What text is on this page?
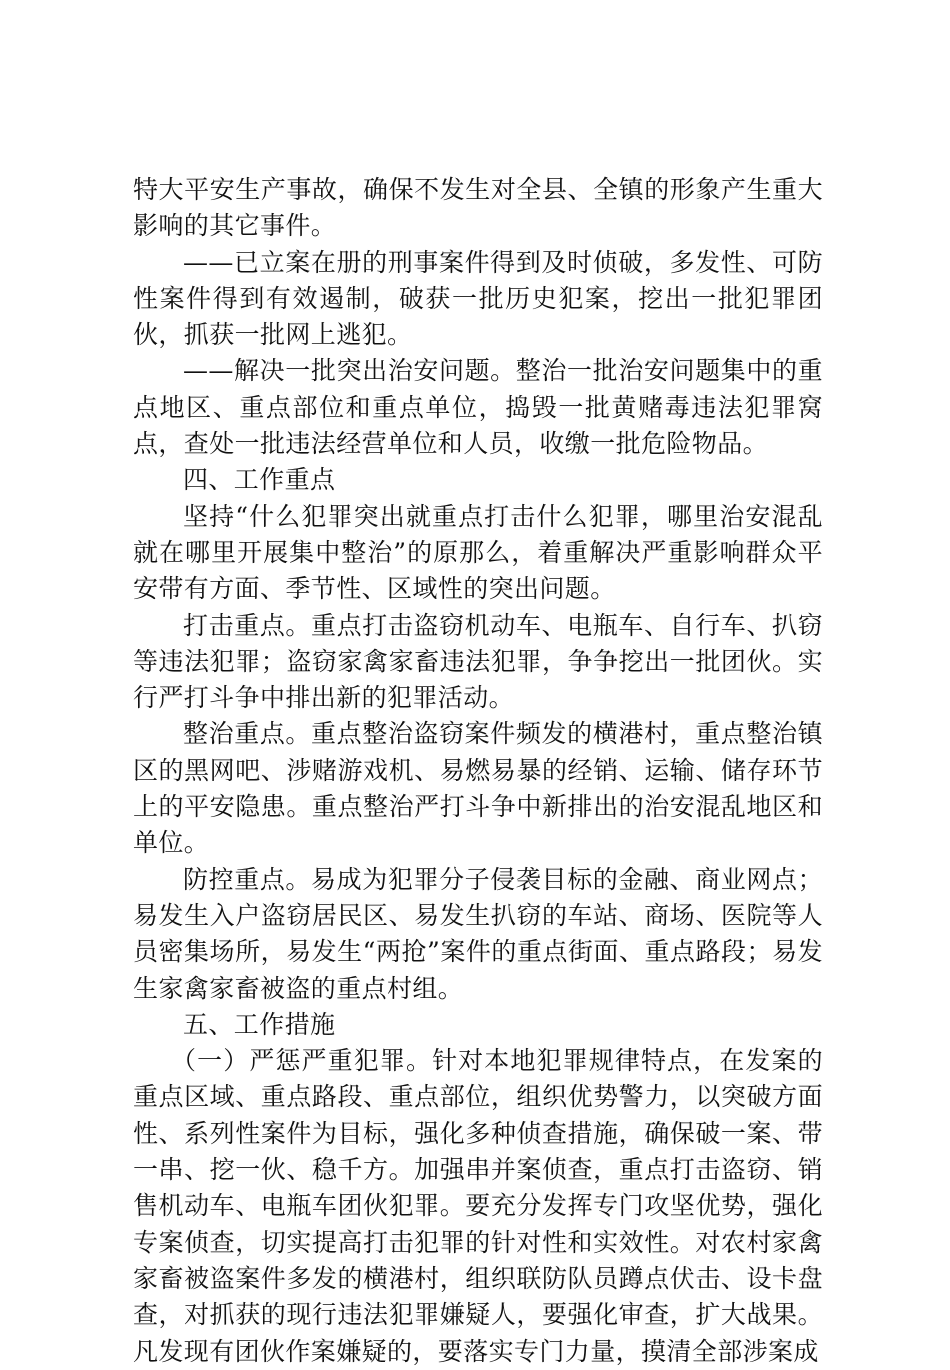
特大平安生产事故，确保不发生对全县、全镇的形象产生重大影响的其它事件。

——已立案在册的刑事案件得到及时侦破，多发性、可防性案件得到有效遏制，破获一批历史犯案，挖出一批犯罪团伙，抓获一批网上逃犯。

——解决一批突出治安问题。整治一批治安问题集中的重点地区、重点部位和重点单位，捣毁一批黄赌毒违法犯罪窝点，查处一批违法经营单位和人员，收缴一批危险物品。

四、工作重点

坚持“什么犯罪突出就重点打击什么犯罪，哪里治安混乱就在哪里开展集中整治”的原那么，着重解决严重影响群众平安带有方面、季节性、区域性的突出问题。

打击重点。重点打击盗窃机动车、电瓶车、自行车、扒窃等违法犯罪；盗窃家禽家畜违法犯罪，争争挖出一批团伙。实行严打斗争中排出新的犯罪活动。

整治重点。重点整治盗窃案件频发的横港村，重点整治镇区的黑网吧、涉赌游戏机、易燃易暴的经销、运输、储存环节上的平安隐患。重点整治严打斗争中新排出的治安混乱地区和单位。

防控重点。易成为犯罪分子侵袭目标的金融、商业网点；易发生入户盗窃居民区、易发生扒窃的车站、商场、医院等人员密集场所，易发生“两抢”案件的重点街面、重点路段；易发生家禽家畜被盗的重点村组。

五、工作措施

（一）严惩严重犯罪。针对本地犯罪规律特点，在发案的重点区域、重点路段、重点部位，组织优势警力，以突破方面性、系列性案件为目标，强化多种侦查措施，确保破一案、带一串、挖一伙、稳千方。加强串并案侦查，重点打击盗窃、销售机动车、电瓶车团伙犯罪。要充分发挥专门攻坚优势，强化专案侦查，切实提高打击犯罪的针对性和实效性。对农村家禽家畜被盗案件多发的横港村，组织联防队员蹲点伏击、设卡盘查，对抓获的现行违法犯罪嫌疑人，要强化审查，扩大战果。凡发现有团伙作案嫌疑的，要落实专门力量，摸清全部涉案成
